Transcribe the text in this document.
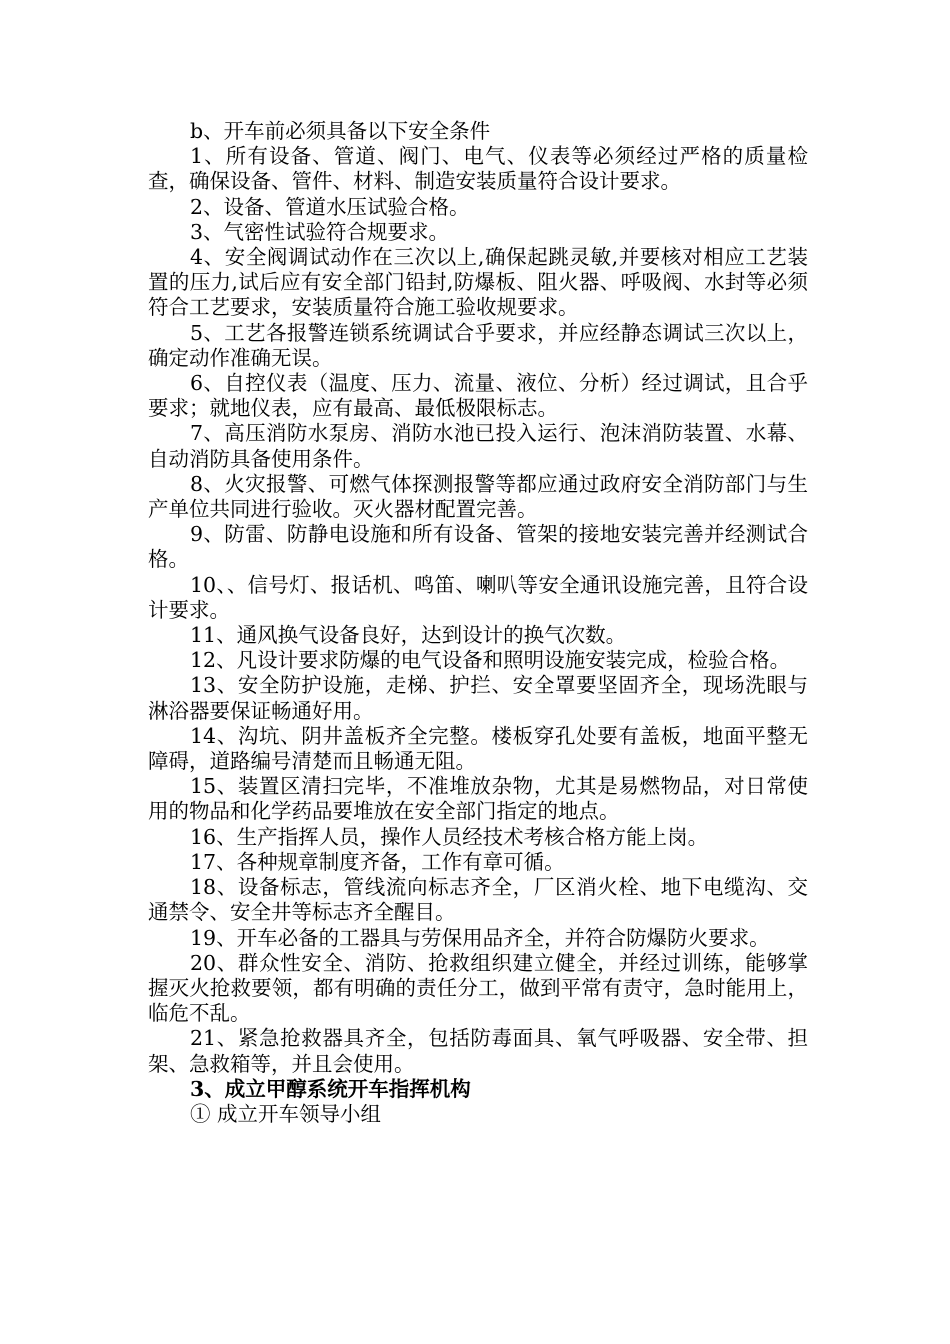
b、开车前必须具备以下安全条件

1、所有设备、管道、阀门、电气、仪表等必须经过严格的质量检查，确保设备、管件、材料、制造安装质量符合设计要求。

2、设备、管道水压试验合格。

3、气密性试验符合规要求。

4、安全阀调试动作在三次以上,确保起跳灵敏,并要核对相应工艺装置的压力,试后应有安全部门铅封,防爆板、阻火器、呼吸阀、水封等必须符合工艺要求，安装质量符合施工验收规要求。

5、工艺各报警连锁系统调试合乎要求，并应经静态调试三次以上，确定动作准确无误。

6、自控仪表（温度、压力、流量、液位、分析）经过调试，且合乎要求；就地仪表，应有最高、最低极限标志。

7、高压消防水泵房、消防水池已投入运行、泡沫消防装置、水幕、自动消防具备使用条件。

8、火灾报警、可燃气体探测报警等都应通过政府安全消防部门与生产单位共同进行验收。灭火器材配置完善。

9、防雷、防静电设施和所有设备、管架的接地安装完善并经测试合格。

10、、信号灯、报话机、鸣笛、喇叭等安全通讯设施完善，且符合设计要求。

11、通风换气设备良好，达到设计的换气次数。

12、凡设计要求防爆的电气设备和照明设施安装完成，检验合格。

13、安全防护设施，走梯、护拦、安全罩要坚固齐全，现场洗眼与淋浴器要保证畅通好用。

14、沟坑、阴井盖板齐全完整。楼板穿孔处要有盖板，地面平整无障碍，道路编号清楚而且畅通无阻。

15、装置区清扫完毕，不准堆放杂物，尤其是易燃物品，对日常使用的物品和化学药品要堆放在安全部门指定的地点。

16、生产指挥人员，操作人员经技术考核合格方能上岗。

17、各种规章制度齐备，工作有章可循。

18、设备标志，管线流向标志齐全，厂区消火栓、地下电缆沟、交通禁令、安全井等标志齐全醒目。

19、开车必备的工器具与劳保用品齐全，并符合防爆防火要求。

20、群众性安全、消防、抢救组织建立健全，并经过训练，能够掌握灭火抢救要领，都有明确的责任分工，做到平常有责守，急时能用上，临危不乱。

21、紧急抢救器具齐全，包括防毒面具、氧气呼吸器、安全带、担架、急救箱等，并且会使用。

3、成立甲醇系统开车指挥机构

① 成立开车领导小组
